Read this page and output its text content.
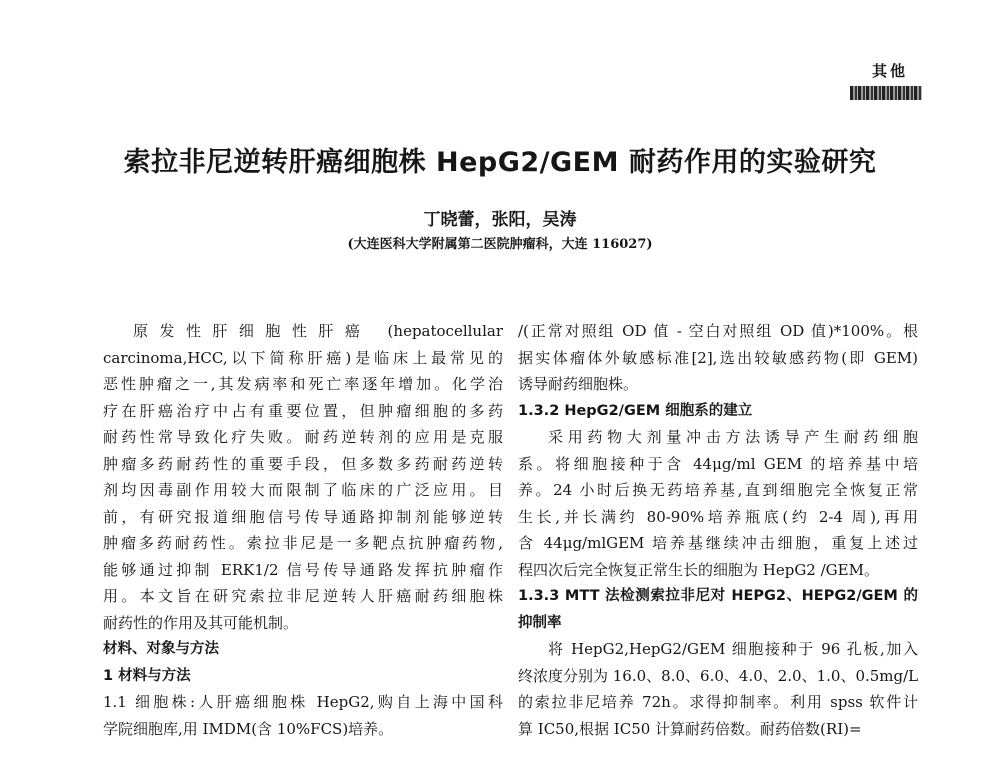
其他
索拉非尼逆转肝癌细胞株 HepG2/GEM 耐药作用的实验研究
丁晓蕾，张阳，吴涛
(大连医科大学附属第二医院肿瘤科，大连 116027)
原发性肝细胞性肝癌 (hepatocellular
carcinoma,HCC,以下简称肝癌)是临床上最常见的
恶性肿瘤之一,其发病率和死亡率逐年增加。化学治
疗在肝癌治疗中占有重要位置，但肿瘤细胞的多药
耐药性常导致化疗失败。耐药逆转剂的应用是克服
肿瘤多药耐药性的重要手段，但多数多药耐药逆转
剂均因毒副作用较大而限制了临床的广泛应用。目
前，有研究报道细胞信号传导通路抑制剂能够逆转
肿瘤多药耐药性。索拉非尼是一多靶点抗肿瘤药物,
能够通过抑制 ERK1/2 信号传导通路发挥抗肿瘤作
用。本文旨在研究索拉非尼逆转人肝癌耐药细胞株
耐药性的作用及其可能机制。
材料、对象与方法
1 材料与方法
1.1 细胞株:人肝癌细胞株 HepG2,购自上海中国科
学院细胞库,用 IMDM(含 10%FCS)培养。
/(正常对照组 OD 值 - 空白对照组 OD 值)*100%。根
据实体瘤体外敏感标准[2],选出较敏感药物(即 GEM)
诱导耐药细胞株。
1.3.2 HepG2/GEM 细胞系的建立
采用药物大剂量冲击方法诱导产生耐药细胞
系。将细胞接种于含 44μg/ml GEM 的培养基中培
养。24 小时后换无药培养基,直到细胞完全恢复正常
生长,并长满约 80-90%培养瓶底(约 2-4 周),再用
含 44μg/mlGEM 培养基继续冲击细胞，重复上述过
程四次后完全恢复正常生长的细胞为 HepG2 /GEM。
1.3.3 MTT 法检测索拉非尼对 HEPG2、HEPG2/GEM 的
抑制率
将 HepG2,HepG2/GEM 细胞接种于 96 孔板,加入
终浓度分别为 16.0、8.0、6.0、4.0、2.0、1.0、0.5mg/L
的索拉非尼培养 72h。求得抑制率。利用 spss 软件计
算 IC50,根据 IC50 计算耐药倍数。耐药倍数(RI)=
